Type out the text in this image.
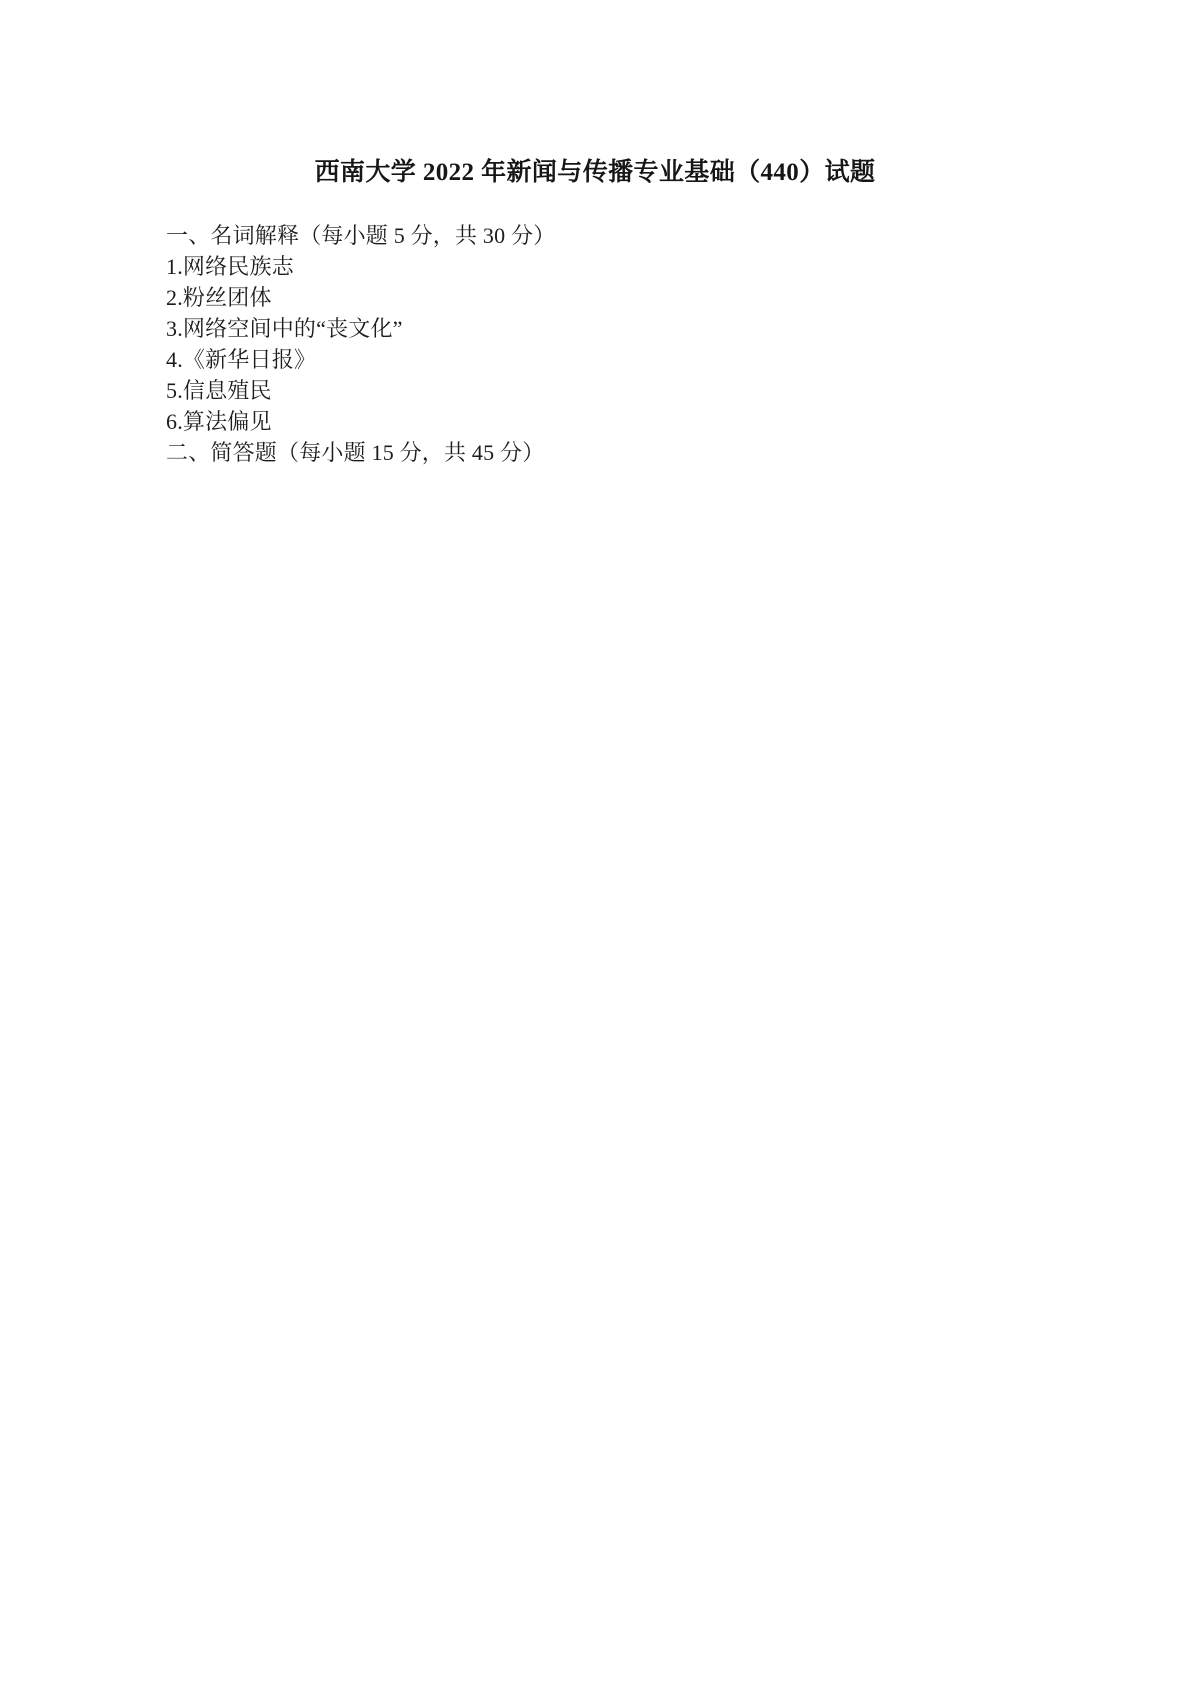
西南大学 2022 年新闻与传播专业基础（440）试题
一、名词解释（每小题 5 分，共 30 分）
1.网络民族志
2.粉丝团体
3.网络空间中的“丧文化”
4.《新华日报》
5.信息殖民
6.算法偏见
二、简答题（每小题 15 分，共 45 分）
